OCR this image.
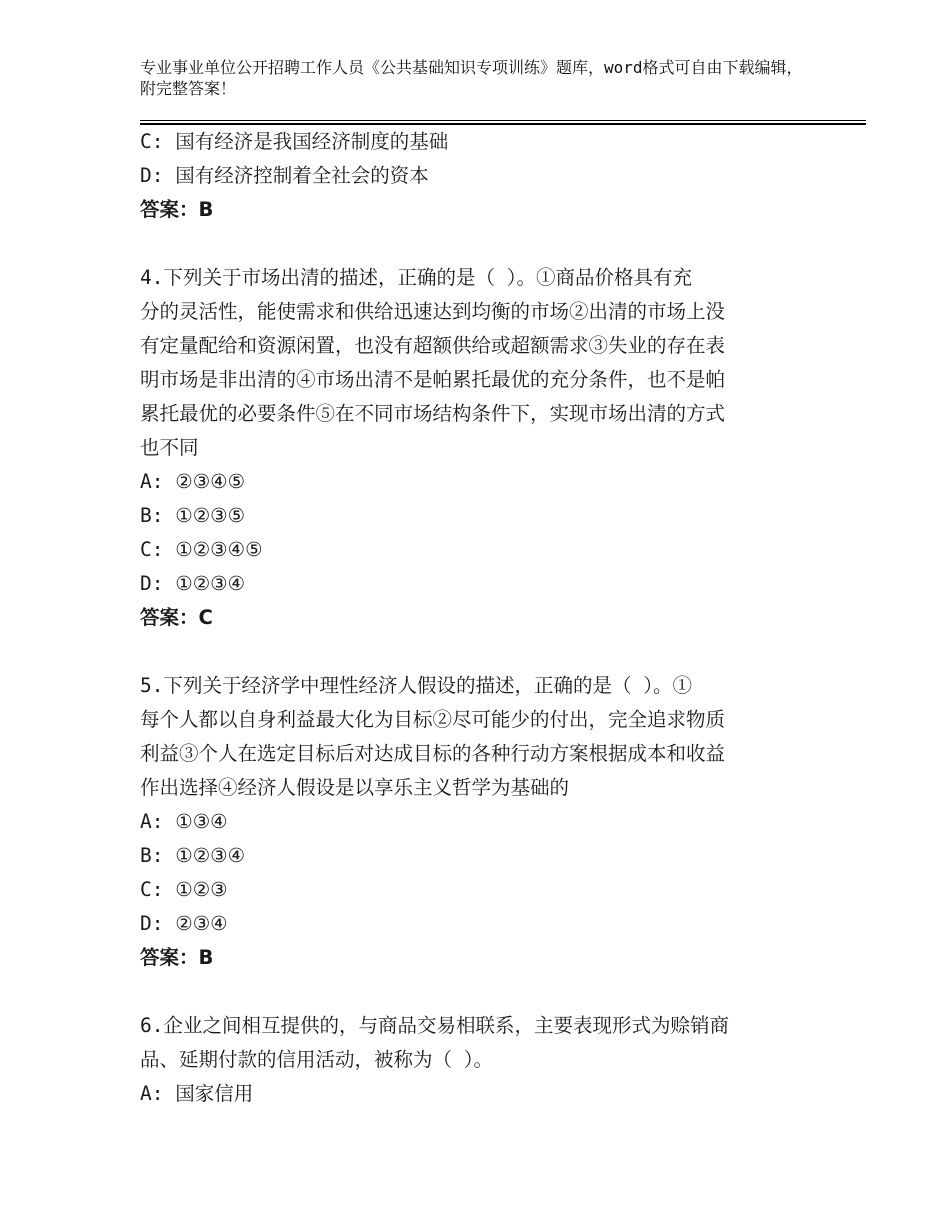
专业事业单位公开招聘工作人员《公共基础知识专项训练》题库，word格式可自由下载编辑，附完整答案！
C: 国有经济是我国经济制度的基础
D: 国有经济控制着全社会的资本
答案：B
4.下列关于市场出清的描述，正确的是（ ）。①商品价格具有充
分的灵活性，能使需求和供给迅速达到均衡的市场②出清的市场上没
有定量配给和资源闲置，也没有超额供给或超额需求③失业的存在表
明市场是非出清的④市场出清不是帕累托最优的充分条件，也不是帕
累托最优的必要条件⑤在不同市场结构条件下，实现市场出清的方式
也不同
A: ②③④⑤
B: ①②③⑤
C: ①②③④⑤
D: ①②③④
答案：C
5.下列关于经济学中理性经济人假设的描述，正确的是（ ）。①
每个人都以自身利益最大化为目标②尽可能少的付出，完全追求物质
利益③个人在选定目标后对达成目标的各种行动方案根据成本和收益
作出选择④经济人假设是以享乐主义哲学为基础的
A: ①③④
B: ①②③④
C: ①②③
D: ②③④
答案：B
6.企业之间相互提供的，与商品交易相联系，主要表现形式为赊销商
品、延期付款的信用活动，被称为（ ）。
A: 国家信用
